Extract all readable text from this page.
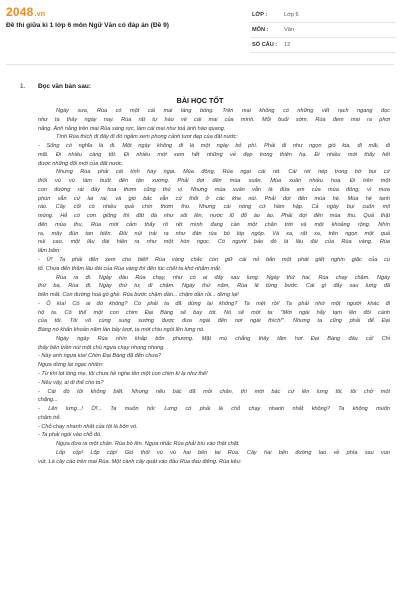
2048.vn
Đề thi giữa kì 1 lớp 6 môn Ngữ Văn có đáp án (Đề 9)
LỚP :	Lớp 6
MÔN :	Văn
SỐ CÂU : 12
1. Đọc văn bản sau:
BÀI HỌC TỐT
Ngày xưa, Rùa có một cái mai láng bóng. Trên mai không có những vết rạch ngang dọc
như ta thấy ngày nay. Rùa rất tự hào về cái mai của mình. Mỗi buổi sớm, Rùa đem mai ra phơi
nắng. Ánh nắng trên mai Rùa sáng rực, làm cái mai như toả ánh hào quang.
Tính Rùa thích đi đây đi đó ngắm xem phong cảnh tươi đẹp của đất nước:
- Sống có nghĩa là đi. Một ngày không đi là một ngày bỏ phí. Phải đi như ngọn gió kia, đi mãi, đi
mãi. Đi nhiều càng tốt. Đi nhiều mới xem hết những vẻ đẹp trong thiên hạ. Đi nhiều mới thấy hết
được những đổi mới của đất nước.
Nhưng Rùa phải cái tính hay ngại. Mùa đông, Rùa ngại cái rét. Cái rét nép trong bờ bụi cứ
thổi vù vù làm buốt đến tận xương. Phải đợi đến mùa xuân. Mùa xuân nhiều hoa. Đi trên một
con đường rải đầy hoa thơm cũng thú vị. Nhưng mùa xuân vẫn là đứa em của mùa đông, vì mưa
phùn vẫn cứ lai rai, và gió bấc vẫn cứ thổi ở các khe núi. Phải đợi đến mùa hè. Mùa hè tạnh
ráo. Cây cối có nhiều quả chín thơm tho. Nhưng cái nóng cứ hầm hập. Cả ngày bụi cuốn mịt
mùng. Hễ có cơn giông thì đất đá như sôi lên, nước lũ đổ ào ào. Phải đợi đến mùa thu. Quả thật
đến mùa thu, Rùa mới cảm thấy rõ rệt mình đang cần một chân trời và một khoảng rộng. Nhìn
ra, mây đùn tan biến. Đôi núi trải ra như đàn rùa bò lóp ngóp. Và xa, rất xa, trên ngọn một quả
núi cao, một lâu đài hiện ra như một hòn ngọc. Có người bảo đó là lâu đài của Rùa vàng. Rùa
lẩm bẩm:
- Ừ! Ta phải đến xem cho biết! Rùa vàng chắc còn giữ cái nỏ bắn một phát giết nghìn giặc của cụ
tổ. Chưa đến thăm lâu đài của Rùa vàng thì đến lúc chết ta khó nhắm mắt.
Rùa ra đi. Ngày đầu Rùa chạy, như có ai đẩy sau lưng. Ngày thứ hai, Rùa chạy chậm. Ngày
thứ ba, Rùa đi. Ngày thứ tư, đi chậm. Ngày thứ năm, Rùa lê từng bước. Cái gì đẩy sau lưng đã
biến mất. Con đường hoá gồ ghề. Rùa bước chậm dần... chậm dần rồi... dừng lại!
- Ô kìa! Có ai đó không? Có phải ta đã dừng lại không? Ta mệt rồi! Ta phải nhờ một người khác đi
hộ ta. Có thể một con chim Đại Bàng sẽ bay tới. Nó sẽ mời ta: "Mời ngài hãy tạm lên đôi cánh
của tôi. Tôi vô cùng sung sướng được đưa ngài đến nơi ngài thích!". Nhưng ta cũng phải để Đại
Bàng nó khẩn khoản năm lần bảy lượt, ta mới chịu ngồi lên lưng nó.
Ngày ngày Rùa nhìn khắp bốn phương. Mặt mù chẳng thấy tăm hơi Đại Bàng đâu cả! Chỉ
thấy bên triền núi một chú ngựa chạy nhong nhong.
- Này anh ngựa kia! Chim Đại Bàng đã đến chưa?
Ngựa dừng lại ngạc nhiên:
- Từ khi lọt lòng mẹ, tôi chưa hề nghe tên một con chim kì lạ như thế!
- Nếu vậy, ai đi thế cho ta?
- Cái đó tôi không biết. Nhưng nếu bác đã mỏi chân, thì mời bác cứ lên lưng tôi, tôi chở một
chặng...
- Lên lưng...! Ờ!... Ta muốn hỏi: Lưng có phải là chỗ chạy nhanh nhất không? Ta không muốn
chậm trễ.
- Chỗ chạy nhanh nhất của tôi là bốn vó.
- Ta phải ngồi vào chỗ đó.
Ngựa đưa ra một chân. Rùa bò lên. Ngựa nhấc Rùa phải bíu vào thật chặt.
Lốp cộp! Lốp cộp! Gió thổi vù vù hai bên tai Rùa. Cây hai bên đường lao về phía sau vun
vút. Lá cây cào trên mai Rùa. Một cành cây quật vào đầu Rùa đau điếng. Rùa kêu:
